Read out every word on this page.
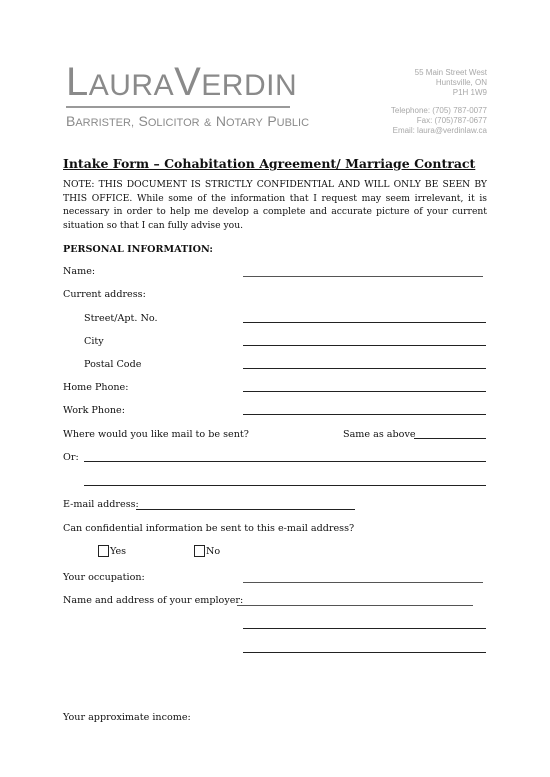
LAURAVERDIN
BARRISTER, SOLICITOR & NOTARY PUBLIC
55 Main Street West
Huntsville, ON
P1H 1W9
Telephone: (705) 787-0077
Fax: (705)787-0677
Email: laura@verdinlaw.ca
Intake Form – Cohabitation Agreement/ Marriage Contract
NOTE: THIS DOCUMENT IS STRICTLY CONFIDENTIAL AND WILL ONLY BE SEEN BY THIS OFFICE. While some of the information that I request may seem irrelevant, it is necessary in order to help me develop a complete and accurate picture of your current situation so that I can fully advise you.
PERSONAL INFORMATION:
Name:
Current address:
Street/Apt. No.
City
Postal Code
Home Phone:
Work Phone:
Where would you like mail to be sent?	Same as above
Or:
E-mail address:
Can confidential information be sent to this e-mail address?
Yes	No
Your occupation:
Name and address of your employer:
Your approximate income:
